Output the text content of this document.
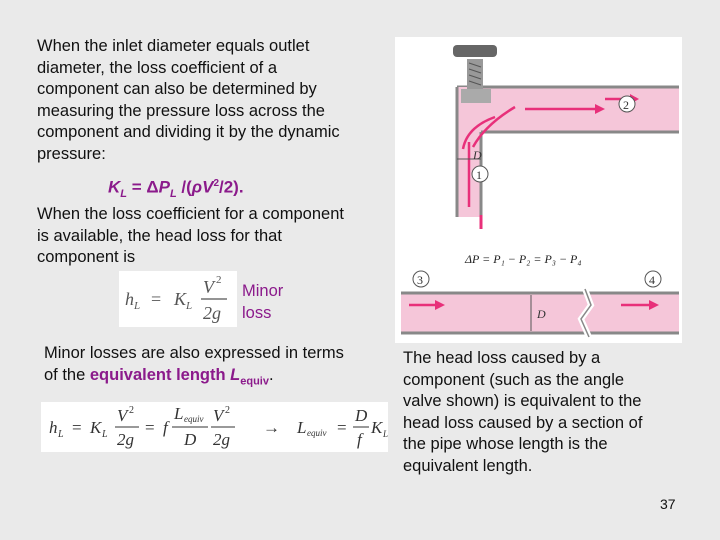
When the inlet diameter equals outlet
diameter, the loss coefficient of a
component can also be determined by
measuring the pressure loss across the
component and dividing it by the dynamic
pressure:
$K_L = \Delta P_L$ $/(\rho V^2/2)$.
When the loss coefficient for a component
is available, the head loss for that
component is
h L = K L
V 2
2g
Minor
loss
Minor losses are also expressed in terms
of the equivalent length $L_{equiv}$.
h L = K L
V 2
2g
= f
L equiv
D
V 2
2g
→ L equiv =
D
f
K L
2
D
1
ΔP = P₁ − P₂ = P₃ − P₄
3	4
D
The head loss caused by a
component (such as the angle
valve shown) is equivalent to the
head loss caused by a section of
the pipe whose length is the
equivalent length.
37
